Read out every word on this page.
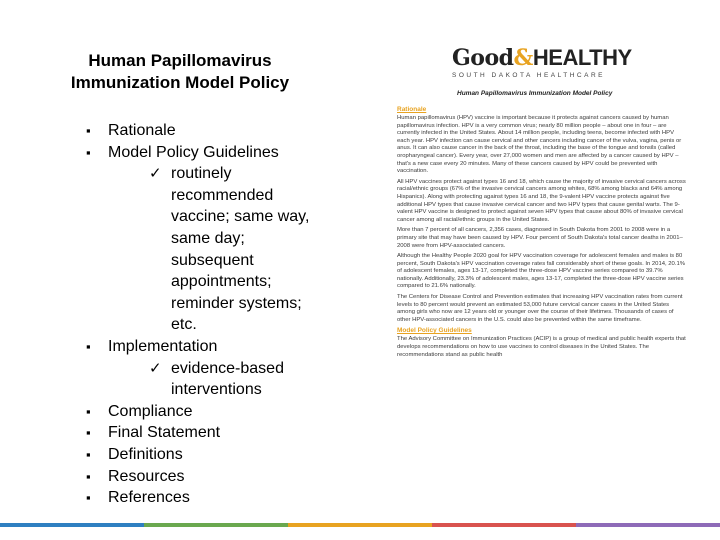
Human Papillomavirus
Immunization Model Policy
▪ Rationale
▪ Model Policy Guidelines
✓ routinely
recommended
vaccine; same way,
same day;
subsequent
appointments;
reminder systems;
etc.
▪ Implementation
✓ evidence-based
interventions
▪ Compliance
▪ Final Statement
▪ Definitions
▪ Resources
▪ References
Good&HEALTHY
SOUTH DAKOTA HEALTHCARE

Human Papillomavirus Immunization Model Policy

Rationale

Human papillomavirus (HPV) vaccine is important because it protects against cancers caused by human papillomavirus infection. HPV is a very common virus; nearly 80 million people – about one in four – are currently infected in the United States. About 14 million people, including teens, become infected with HPV each year. HPV infection can cause cervical and other cancers including cancer of the vulva, vagina, penis or anus. It can also cause cancer in the back of the throat, including the base of the tongue and tonsils (called oropharyngeal cancer). Every year, over 27,000 women and men are affected by a cancer caused by HPV – that's a new case every 20 minutes. Many of these cancers caused by HPV could be prevented with vaccination.

All HPV vaccines protect against types 16 and 18, which cause the majority of invasive cervical cancers across racial/ethnic groups (67% of the invasive cervical cancers among whites, 68% among blacks and 64% among Hispanics). Along with protecting against types 16 and 18, the 9-valent HPV vaccine protects against five additional HPV types that cause invasive cervical cancer and two HPV types that cause genital warts. The 9-valent HPV vaccine is designed to protect against seven HPV types that cause about 80% of invasive cervical cancer among all racial/ethnic groups in the United States.

More than 7 percent of all cancers, 2,356 cases, diagnosed in South Dakota from 2001 to 2008 were in a primary site that may have been caused by HPV. Four percent of South Dakota's total cancer deaths in 2001–2008 were from HPV-associated cancers.

Although the Healthy People 2020 goal for HPV vaccination coverage for adolescent females and males is 80 percent, South Dakota's HPV vaccination coverage rates fall considerably short of these goals. In 2014, 20.1% of adolescent females, ages 13-17, completed the three-dose HPV vaccine series compared to 39.7% nationally. Additionally, 23.3% of adolescent males, ages 13-17, completed the three-dose HPV vaccine series compared to 21.6% nationally.

The Centers for Disease Control and Prevention estimates that increasing HPV vaccination rates from current levels to 80 percent would prevent an estimated 53,000 future cervical cancer cases in the United States among girls who now are 12 years old or younger over the course of their lifetimes. Thousands of cases of other HPV-associated cancers in the U.S. could also be prevented within the same timeframe.

Model Policy Guidelines

The Advisory Committee on Immunization Practices (ACIP) is a group of medical and public health experts that develops recommendations on how to use vaccines to control diseases in the United States. The recommendations stand as public health
